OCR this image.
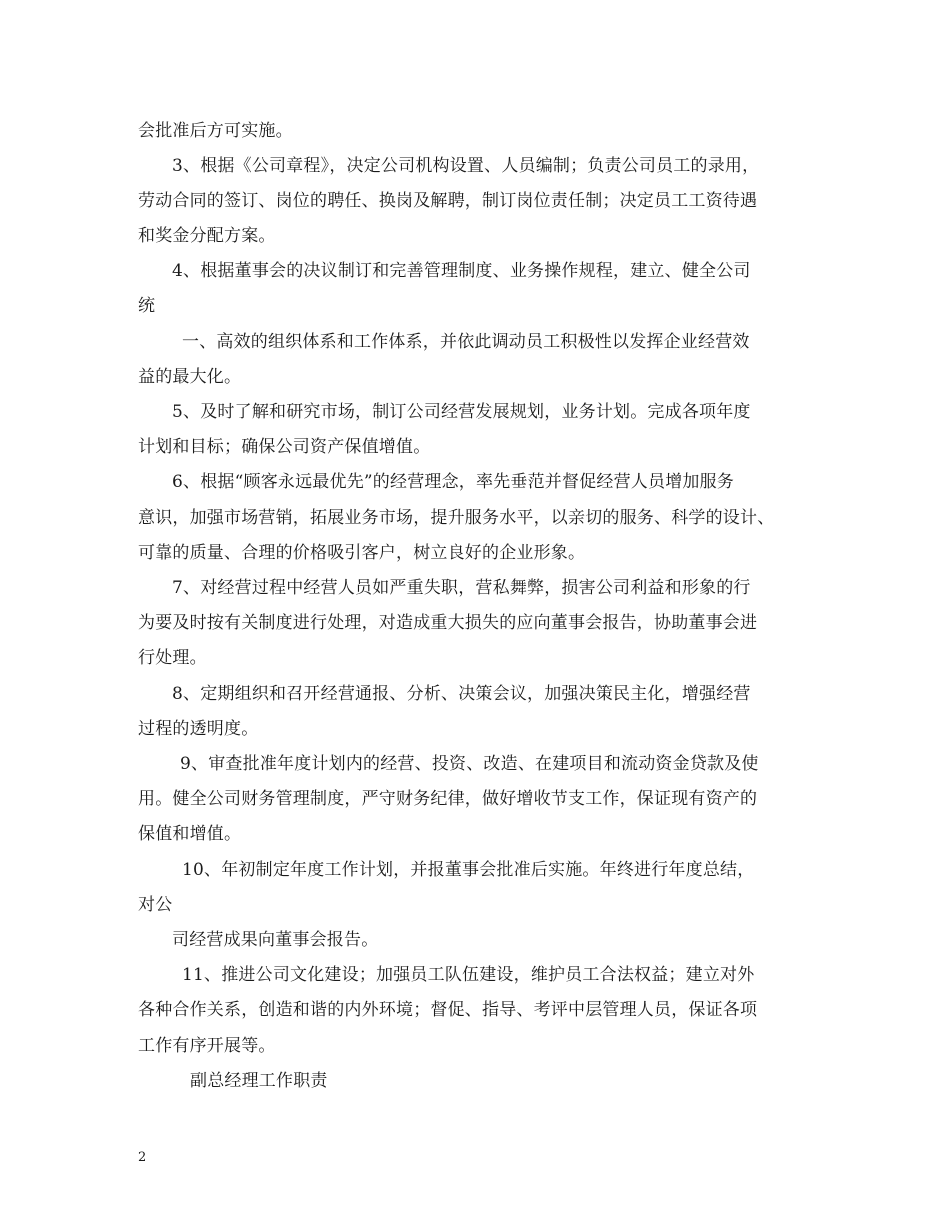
会批准后方可实施。
3、根据《公司章程》，决定公司机构设置、人员编制；负责公司员工的录用，
劳动合同的签订、岗位的聘任、换岗及解聘，制订岗位责任制；决定员工工资待遇
和奖金分配方案。
4、根据董事会的决议制订和完善管理制度、业务操作规程，建立、健全公司
统
一、高效的组织体系和工作体系，并依此调动员工积极性以发挥企业经营效
益的最大化。
5、及时了解和研究市场，制订公司经营发展规划，业务计划。完成各项年度
计划和目标；确保公司资产保值增值。
6、根据“顾客永远最优先”的经营理念，率先垂范并督促经营人员增加服务
意识，加强市场营销，拓展业务市场，提升服务水平，以亲切的服务、科学的设计、
可靠的质量、合理的价格吸引客户，树立良好的企业形象。
7、对经营过程中经营人员如严重失职，营私舞弊，损害公司利益和形象的行
为要及时按有关制度进行处理，对造成重大损失的应向董事会报告，协助董事会进
行处理。
8、定期组织和召开经营通报、分析、决策会议，加强决策民主化，增强经营
过程的透明度。
9、审查批准年度计划内的经营、投资、改造、在建项目和流动资金贷款及使
用。健全公司财务管理制度，严守财务纪律，做好增收节支工作，保证现有资产的
保值和增值。
10、年初制定年度工作计划，并报董事会批准后实施。年终进行年度总结，
对公
司经营成果向董事会报告。
11、推进公司文化建设；加强员工队伍建设，维护员工合法权益；建立对外
各种合作关系，创造和谐的内外环境；督促、指导、考评中层管理人员，保证各项
工作有序开展等。
副总经理工作职责
2
